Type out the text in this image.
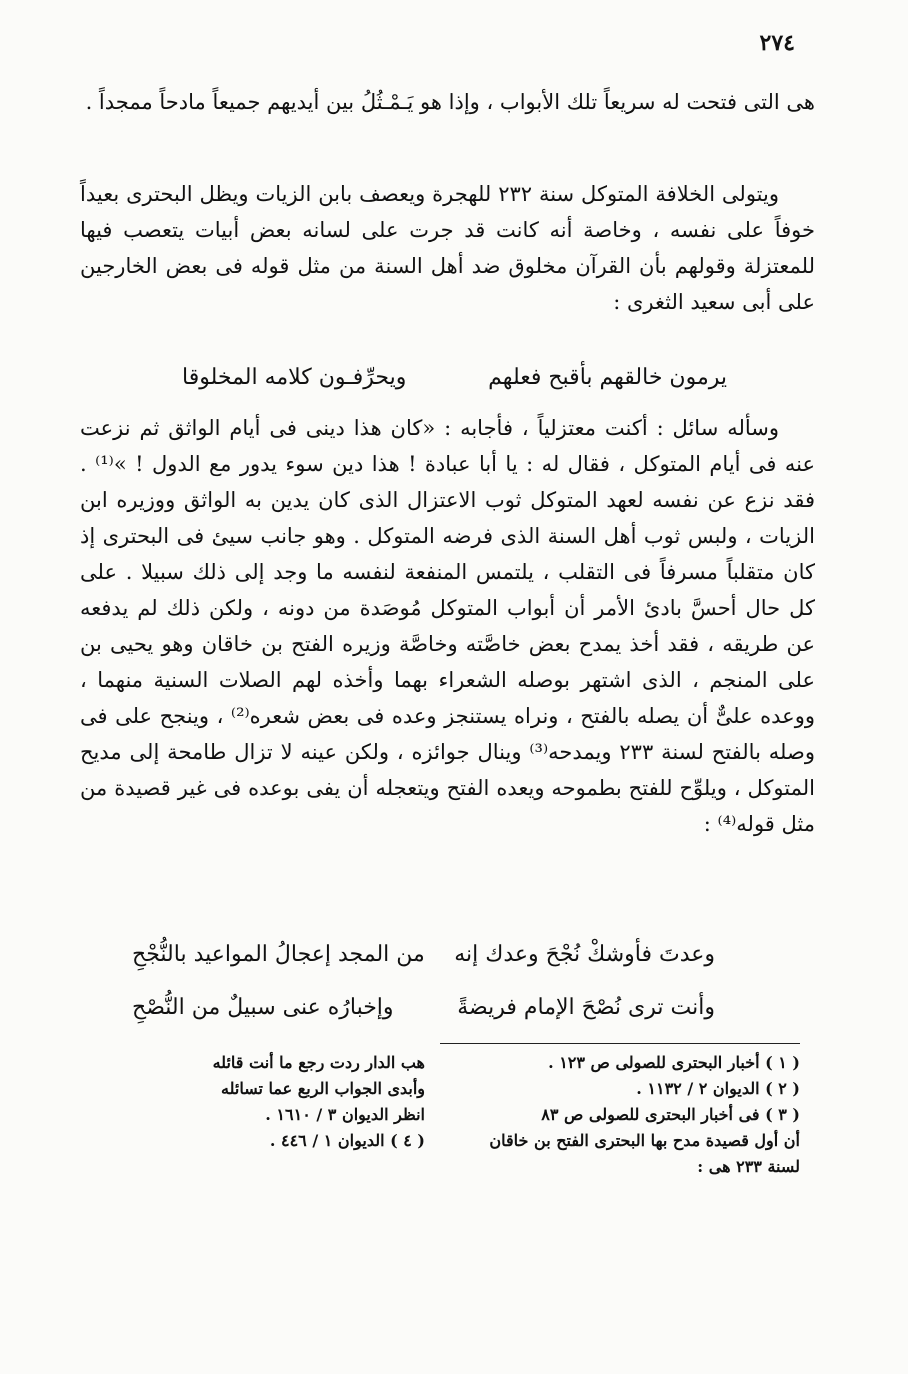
٢٧٤

هى التى فتحت له سريعاً تلك الأبواب ، وإذا هو يَـمْـثُلُ بين أيديهم جميعاً مادحاً ممجداً .

ويتولى الخلافة المتوكل سنة ٢٣٢ للهجرة ويعصف بابن الزيات ويظل البحترى بعيداً خوفاً على نفسه ، وخاصة أنه كانت قد جرت على لسانه بعض أبيات يتعصب فيها للمعتزلة وقولهم بأن القرآن مخلوق ضد أهل السنة من مثل قوله فى بعض الخارجين على أبى سعيد الثغرى :

يرمون خالقهم بأقبح فعلهم
ويحرِّفـون كلامه المخلوقا

وسأله سائل : أكنت معتزلياً ، فأجابه : «كان هذا دينى فى أيام الواثق ثم نزعت عنه فى أيام المتوكل ، فقال له : يا أبا عبادة ! هذا دين سوء يدور مع الدول ! »⁽¹⁾ . فقد نزع عن نفسه لعهد المتوكل ثوب الاعتزال الذى كان يدين به الواثق ووزيره ابن الزيات ، ولبس ثوب أهل السنة الذى فرضه المتوكل . وهو جانب سيئ فى البحترى إذ كان متقلباً مسرفاً فى التقلب ، يلتمس المنفعة لنفسه ما وجد إلى ذلك سبيلا . على كل حال أحسَّ بادئ الأمر أن أبواب المتوكل مُوصَدة من دونه ، ولكن ذلك لم يدفعه عن طريقه ، فقد أخذ يمدح بعض خاصَّته وخاصَّة وزيره الفتح بن خاقان وهو يحيى بن على المنجم ، الذى اشتهر بوصله الشعراء بهما وأخذه لهم الصلات السنية منهما ، ووعده علىٌّ أن يصله بالفتح ، ونراه يستنجز وعده فى بعض شعره⁽²⁾ ، وينجح على فى وصله بالفتح لسنة ٢٣٣ ويمدحه⁽³⁾ وينال جوائزه ، ولكن عينه لا تزال طامحة إلى مديح المتوكل ، ويلوِّح للفتح بطموحه ويعده الفتح ويتعجله أن يفى بوعده فى غير قصيدة من مثل قوله⁽⁴⁾ :

وعدتَ فأوشكْ نُجْحَ وعدك إنه
من المجد إعجالُ المواعيد بالنُّجْحِ
وأنت ترى نُصْحَ الإمام فريضةً
وإخبارُه عنى سبيلٌ من النُّصْحِ
( ١ ) أخبار البحترى للصولى ص ١٢٣ .
( ٢ ) الديوان ٢ / ١١٣٢ .
( ٣ ) فى أخبار البحترى للصولى ص ٨٣
أن أول قصيدة مدح بها البحترى الفتح بن خاقان
لسنة ٢٣٣ هى :
هب الدار ردت رجع ما أنت قائله
وأبدى الجواب الربع عما تسائله
انظر الديوان ٣ / ١٦١٠ .
( ٤ ) الديوان ١ / ٤٤٦ .
